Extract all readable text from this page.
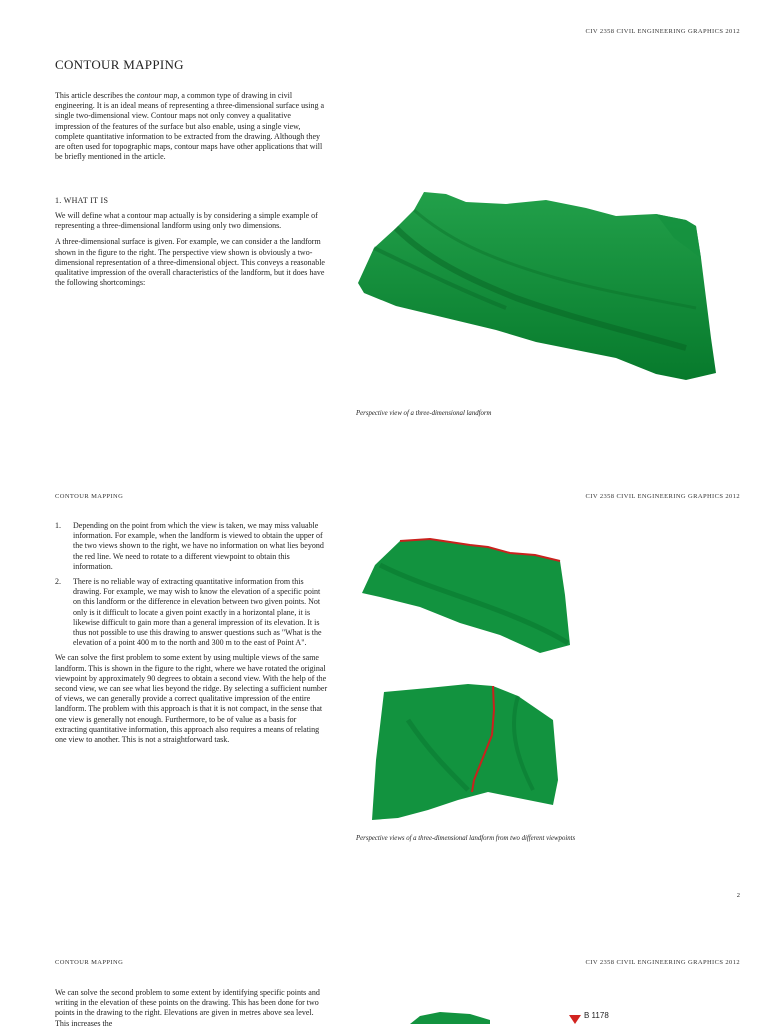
CIV 2358 CIVIL ENGINEERING GRAPHICS 2012
CONTOUR MAPPING

This article describes the contour map, a common type of drawing in civil engineering. It is an ideal means of representing a three-dimensional surface using a single two-dimensional view. Contour maps not only convey a qualitative impression of the features of the surface but also enable, using a single view, complete quantitative information to be extracted from the drawing. Although they are often used for topographic maps, contour maps have other applications that will be briefly mentioned in the article.

1. WHAT IT IS

We will define what a contour map actually is by considering a simple example of representing a three-dimensional landform using only two dimensions.

A three-dimensional surface is given. For example, we can consider a the landform shown in the figure to the right. The perspective view shown is obviously a two-dimensional representation of a three-dimensional object. This conveys a reasonable qualitative impression of the overall characteristics of the landform, but it does have the following shortcomings:

Perspective view of a three-dimensional landform
CONTOUR MAPPING	CIV 2358 CIVIL ENGINEERING GRAPHICS 2012
1. Depending on the point from which the view is taken, we may miss valuable information. For example, when the landform is viewed to obtain the upper of the two views shown to the right, we have no information on what lies beyond the red line. We need to rotate to a different viewpoint to obtain this information.
2. There is no reliable way of extracting quantitative information from this drawing. For example, we may wish to know the elevation of a specific point on this landform or the difference in elevation between two given points. Not only is it difficult to locate a given point exactly in a horizontal plane, it is likewise difficult to gain more than a general impression of its elevation. It is thus not possible to use this drawing to answer questions such as "What is the elevation of a point 400 m to the north and 300 m to the east of Point A".

We can solve the first problem to some extent by using multiple views of the same landform. This is shown in the figure to the right, where we have rotated the original viewpoint by approximately 90 degrees to obtain a second view. With the help of the second view, we can see what lies beyond the ridge. By selecting a sufficient number of views, we can generally provide a correct qualitative impression of the entire landform. The problem with this approach is that it is not compact, in the sense that one view is generally not enough. Furthermore, to be of value as a basis for extracting quantitative information, this approach also requires a means of relating one view to another. This is not a straightforward task.

Perspective views of a three-dimensional landform from two different viewpoints
2
CONTOUR MAPPING	CIV 2358 CIVIL ENGINEERING GRAPHICS 2012

We can solve the second problem to some extent by identifying specific points and writing in the elevation of these points on the drawing. This has been done for two points in the drawing to the right. Elevations are given in metres above sea level. This increases the

B 1178
